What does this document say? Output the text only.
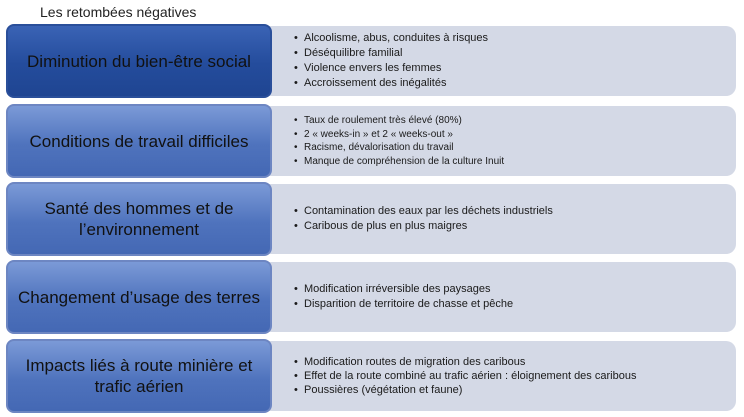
Les retombées négatives
• Alcoolisme, abus, conduites à risques
• Déséquilibre familial
• Violence envers les femmes
• Accroissement des inégalités
Diminution du bien-être social
• Taux de roulement très élevé (80%)
• 2 « weeks-in » et 2 « weeks-out »
• Racisme, dévalorisation du travail
• Manque de compréhension de la culture Inuit
Conditions de travail difficiles
• Contamination des eaux par les déchets industriels
• Caribous de plus en plus maigres
Santé des hommes et de l’environnement
• Modification irréversible des paysages
• Disparition de territoire de chasse et pêche
Changement d’usage des terres
• Modification routes de migration des caribous
• Effet de la route combiné au trafic aérien : éloignement des caribous
• Poussières (végétation et faune)
Impacts liés à route minière et trafic aérien
